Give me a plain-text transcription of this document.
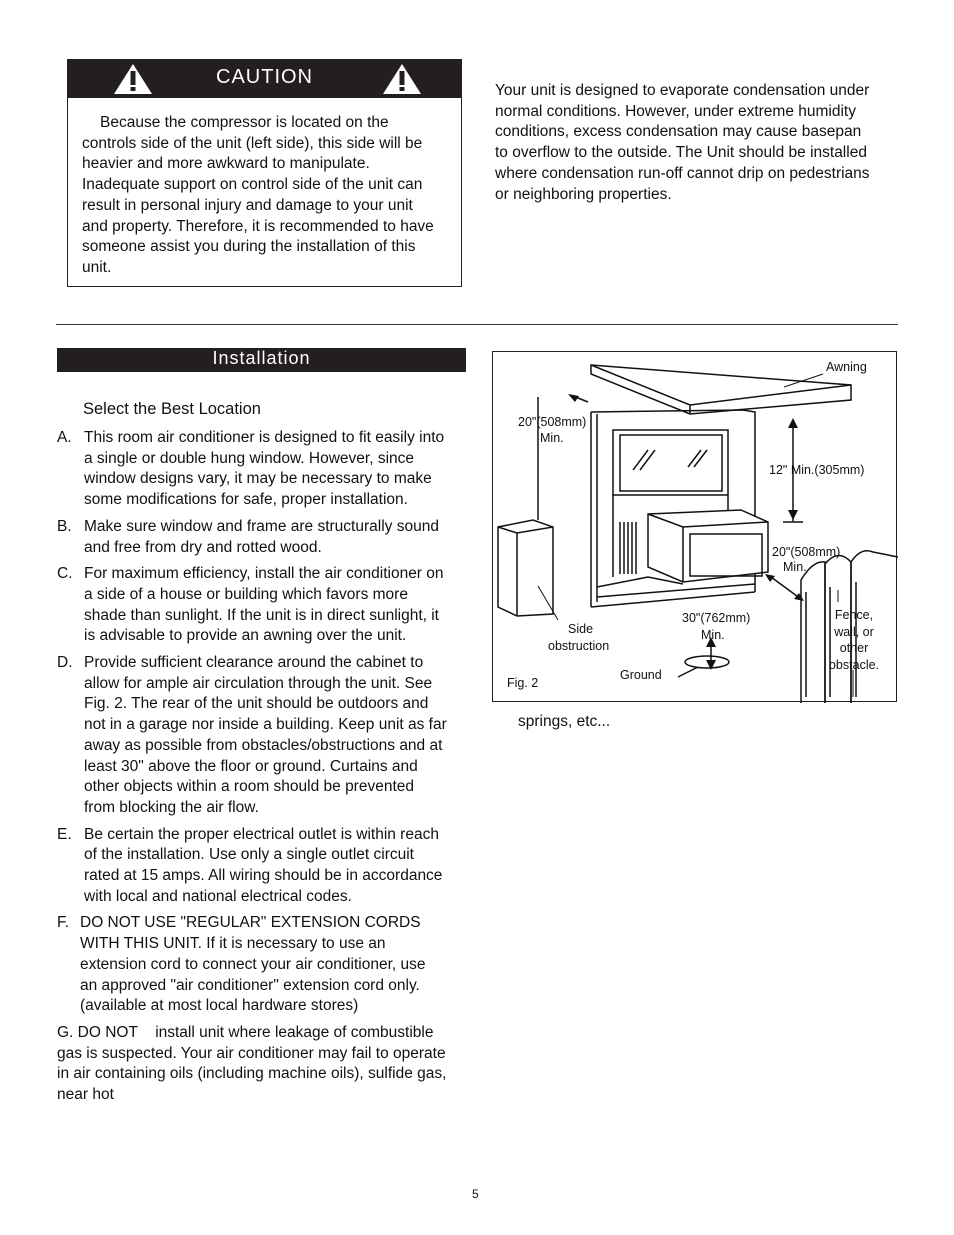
CAUTION

Because the compressor is located on the controls side of the unit (left side), this side will be heavier and more awkward to manipulate. Inadequate support on control side of the unit can result in personal injury and damage to your unit and property. Therefore, it is recommended to have someone assist you during the installation of this unit.

Your unit is designed to evaporate condensation under normal conditions. However, under extreme humidity conditions, excess condensation may cause basepan to overflow to the outside. The Unit should be installed where condensation run-off cannot drip on pedestrians or neighboring properties.
Installation
Select the Best Location
A. This room air conditioner is designed to fit easily into a single or double hung window. However, since window designs vary, it may be necessary to make some modifications for safe, proper installation.
B. Make sure window and frame are structurally sound and free from dry and rotted wood.
C. For maximum efficiency, install the air conditioner on a side of a house or building which favors more shade than sunlight. If the unit is in direct sunlight, it is advisable to provide an awning over the unit.
D. Provide sufficient clearance around the cabinet to allow for ample air circulation through the unit. See Fig. 2. The rear of the unit should be outdoors and not in a garage nor inside a building. Keep unit as far away as possible from obstacles/obstructions and at least 30" above the floor or ground. Curtains and other objects within a room should be prevented from blocking the air flow.
E. Be certain the proper electrical outlet is within reach of the installation. Use only a single outlet circuit rated at 15 amps. All wiring should be in accordance with local and national electrical codes.
F. DO NOT USE "REGULAR" EXTENSION CORDS WITH THIS UNIT. If it is necessary to use an extension cord to connect your air conditioner, use an approved "air conditioner" extension cord only. (available at most local hardware stores)
G. DO NOT install unit where leakage of combustible gas is suspected. Your air conditioner may fail to operate in air containing oils (including machine oils), sulfide gas, near hot
Awning
20"(508mm)
Min.
12" Min.(305mm)
20"(508mm)
Min.
30"(762mm)
Min.
Side
obstruction
Ground
Fig. 2
Fence,
wall, or
other
obstacle.
springs, etc...
5
